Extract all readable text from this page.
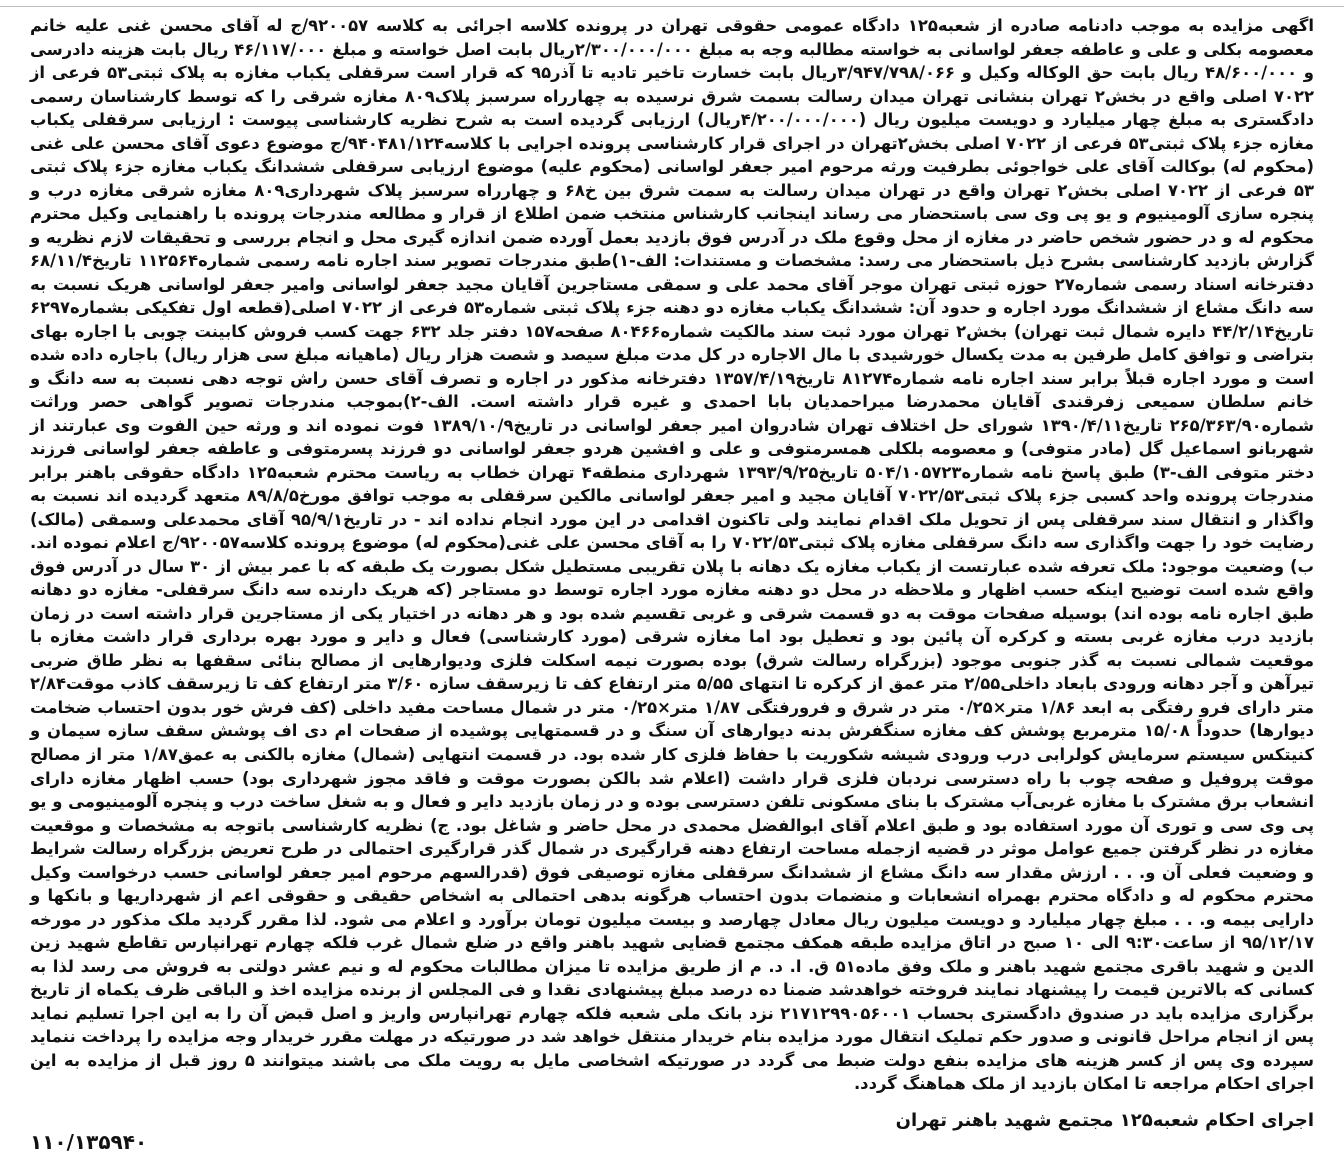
اگهی مزایده به موجب دادنامه صادره از شعبه۱۲۵ دادگاه عمومی حقوقی تهران در پرونده کلاسه اجرائی به کلاسه ۹۲۰۰۵۷/ج له آقای محسن غنی علیه خانم معصومه بکلی و علی و عاطفه جعفر لواسانی به خواسته مطالبه وجه به مبلغ ۲/۳۰۰/۰۰۰/۰۰۰ریال بابت اصل خواسته و مبلغ ۴۶/۱۱۷/۰۰۰ ریال بابت هزینه دادرسی و ۴۸/۶۰۰/۰۰۰ ریال بابت حق الوکاله وکیل و ۳/۹۴۷/۷۹۸/۰۶۶ریال بابت خسارت تاخیر تادیه تا آذر۹۵ که قرار است سرقفلی یکباب مغازه به پلاک ثبتی۵۳ فرعی از ۷۰۲۲ اصلی واقع در بخش۲ تهران بنشانی تهران میدان رسالت بسمت شرق نرسیده به چهارراه سرسبز پلاک۸۰۹ مغازه شرقی را که توسط کارشناسان رسمی دادگستری به مبلغ چهار میلیارد و دویست میلیون ریال (۴/۲۰۰/۰۰۰/۰۰۰ریال) ارزیابی گردیده است به شرح نظریه کارشناسی پیوست : ارزیابی سرقفلی یکباب مغازه جزء پلاک ثبتی۵۳ فرعی از ۷۰۲۲ اصلی بخش۲تهران در اجرای قرار کارشناسی پرونده اجرایی با کلاسه۹۴۰۴۸۱/۱۲۴/ج موضوع دعوی آقای محسن علی غنی (محکوم له) بوکالت آقای علی خواجوئی بطرفیت ورثه مرحوم امیر جعفر لواسانی (محکوم علیه) موضوع ارزیابی سرقفلی ششدانگ یکباب مغازه جزء پلاک ثبتی ۵۳ فرعی از ۷۰۲۲ اصلی بخش۲ تهران واقع در تهران میدان رسالت به سمت شرق بین خ۶۸ و چهارراه سرسبز پلاک شهرداری۸۰۹ مغازه شرقی مغازه درب و پنجره سازی آلومینیوم و یو پی وی سی باستحضار می رساند اینجانب کارشناس منتخب ضمن اطلاع از قرار و مطالعه مندرجات پرونده با راهنمایی وکیل محترم محکوم له و در حضور شخص حاضر در مغازه از محل وقوع ملک در آدرس فوق بازدید بعمل آورده ضمن اندازه گیری محل و انجام بررسی و تحقیقات لازم نظریه و گزارش بازدید کارشناسی بشرح ذیل باستحضار می رسد: مشخصات و مستندات: الف-۱)طبق مندرجات تصویر سند اجاره نامه رسمی شماره۱۱۲۵۶۴ تاریخ۶۸/۱۱/۴ دفترخانه اسناد رسمی شماره۲۷ حوزه ثبتی تهران موجر آقای محمد علی و سمقی مستاجرین آقایان مجید جعفر لواسانی وامیر جعفر لواسانی هریک نسبت به سه دانگ مشاع از ششدانگ مورد اجاره و حدود آن: ششدانگ یکباب مغازه دو دهنه جزء پلاک ثبتی شماره۵۳ فرعی از ۷۰۲۲ اصلی(قطعه اول تفکیکی بشماره۶۲۹۷ تاریخ۴۴/۲/۱۴ دایره شمال ثبت تهران) بخش۲ تهران مورد ثبت سند مالکیت شماره۸۰۴۶۶ صفحه۱۵۷ دفتر جلد ۶۳۲ جهت کسب فروش کابینت چوبی با اجاره بهای بتراضی و توافق کامل طرفین به مدت یکسال خورشیدی با مال الاجاره در کل مدت مبلغ سیصد و شصت هزار ریال (ماهیانه مبلغ سی هزار ریال) باجاره داده شده است و مورد اجاره قبلاً برابر سند اجاره نامه شماره۸۱۲۷۴ تاریخ۱۳۵۷/۴/۱۹ دفترخانه مذکور در اجاره و تصرف آقای حسن راش توجه دهی نسبت به سه دانگ و خانم سلطان سمیعی زفرقندی آقایان محمدرضا میراحمدیان بابا احمدی و غیره قرار داشته است. الف-۲)بموجب مندرجات تصویر گواهی حصر وراثت شماره۲۶۵/۳۶۳/۹۰ تاریخ۱۳۹۰/۴/۱۱ شورای حل اختلاف تهران شادروان امیر جعفر لواسانی در تاریخ۱۳۸۹/۱۰/۹ فوت نموده اند و ورثه حین الفوت وی عبارتند از شهربانو اسماعیل گل (مادر متوفی) و معصومه بلکلی همسرمتوفی و علی و افشین هردو جعفر لواسانی دو فرزند پسرمتوفی و عاطفه جعفر لواسانی فرزند دختر متوفی الف-۳) طبق پاسخ نامه شماره۵۰۴/۱۰۵۷۲۳ تاریخ۱۳۹۳/۹/۲۵ شهرداری منطقه۴ تهران خطاب به ریاست محترم شعبه۱۲۵ دادگاه حقوقی باهنر برابر مندرجات پرونده واحد کسبی جزء پلاک ثبتی۷۰۲۲/۵۳ آقایان مجید و امیر جعفر لواسانی مالکین سرقفلی به موجب توافق مورخ۸۹/۸/۵ متعهد گردیده اند نسبت به واگذار و انتقال سند سرقفلی پس از تحویل ملک اقدام نمایند ولی تاکنون اقدامی در این مورد انجام نداده اند - در تاریخ۹۵/۹/۱ آقای محمدعلی وسمقی (مالک) رضایت خود را جهت واگذاری سه دانگ سرقفلی مغازه پلاک ثبتی۷۰۲۲/۵۳ را به آقای محسن علی غنی(محکوم له) موضوع پرونده کلاسه۹۲۰۰۵۷/ج اعلام نموده اند. ب) وضعیت موجود: ملک تعرفه شده عبارتست از یکباب مغازه یک دهانه با پلان تقریبی مستطیل شکل بصورت یک طبقه که با عمر بیش از ۳۰ سال در آدرس فوق واقع شده است توضیح اینکه حسب اظهار و ملاحظه در محل دو دهنه مغازه مورد اجاره توسط دو مستاجر (که هریک دارنده سه دانگ سرقفلی- مغازه دو دهانه طبق اجاره نامه بوده اند) بوسیله صفحات موقت به دو قسمت شرقی و غربی تقسیم شده بود و هر دهانه در اختیار یکی از مستاجرین قرار داشته است در زمان بازدید درب مغازه غربی بسته و کرکره آن پائین بود و تعطیل بود اما مغازه شرقی (مورد کارشناسی) فعال و دایر و مورد بهره برداری قرار داشت مغازه با موقعیت شمالی نسبت به گذر جنوبی موجود (بزرگراه رسالت شرق) بوده بصورت نیمه اسکلت فلزی ودیوارهایی از مصالح بنائی سقفها به نظر طاق ضربی تیرآهن و آجر دهانه ورودی بابعاد داخلی۲/۵۵ متر عمق از کرکره تا انتهای ۵/۵۵ متر ارتفاع کف تا زیرسقف سازه ۳/۶۰ متر ارتفاع کف تا زیرسقف کاذب موقت۲/۸۴ متر دارای فرو رفتگی به ابعد ۱/۸۶ متر×۰/۲۵ متر در شرق و فرورفتگی ۱/۸۷ متر×۰/۲۵ متر در شمال مساحت مفید داخلی (کف فرش خور بدون احتساب ضخامت دیوارها) حدوداً ۱۵/۰۸ مترمربع پوشش کف مغازه سنگفرش بدنه دیوارهای آن سنگ و در قسمتهایی پوشیده از صفحات ام دی اف پوشش سقف سازه سیمان و کنیتکس سیستم سرمایش کولرابی درب ورودی شیشه شکوریت با حفاظ فلزی کار شده بود. در قسمت انتهایی (شمال) مغازه بالکنی به عمق۱/۸۷ متر از مصالح موقت پروفیل و صفحه چوب با راه دسترسی نردبان فلزی قرار داشت (اعلام شد بالکن بصورت موقت و فاقد مجوز شهرداری بود) حسب اظهار مغازه دارای انشعاب برق مشترک با مغازه غربی‌آب مشترک با بنای مسکونی تلفن دسترسی بوده و در زمان بازدید دایر و فعال و به شغل ساخت درب و پنجره آلومینیومی و یو پی وی سی و توری آن مورد استفاده بود و طبق اعلام آقای ابوالفضل محمدی در محل حاضر و شاغل بود. ج) نظریه کارشناسی باتوجه به مشخصات و موقعیت مغازه در نظر گرفتن جمیع عوامل موثر در قضیه ازجمله مساحت ارتفاع دهنه قرارگیری در شمال گذر قرارگیری احتمالی در طرح تعریض بزرگراه رسالت شرایط و وضعیت فعلی آن و. . . ارزش مقدار سه دانگ مشاع از ششدانگ سرقفلی مغازه توصیفی فوق (قدرالسهم مرحوم امیر جعفر لواسانی حسب درخواست وکیل محترم محکوم له و دادگاه محترم بهمراه انشعابات و منضمات بدون احتساب هرگونه بدهی احتمالی به اشخاص حقیقی و حقوقی اعم از شهرداریها و بانکها و دارایی بیمه و. . . مبلغ چهار میلیارد و دویست میلیون ریال معادل چهارصد و بیست میلیون تومان برآورد و اعلام می شود. لذا مقرر گردید ملک مذکور در مورخه ۹۵/۱۲/۱۷ از ساعت۹:۳۰ الی ۱۰ صبح در اتاق مزایده طبقه همکف مجتمع قضایی شهید باهنر واقع در ضلع شمال غرب فلکه چهارم تهرانپارس تقاطع شهید زین الدین و شهید باقری مجتمع شهید باهنر و ملک وفق ماده۵۱ ق. ا. د. م از طریق مزایده تا میزان مطالبات محکوم له و نیم عشر دولتی به فروش می رسد لذا به کسانی که بالاترین قیمت را پیشنهاد نمایند فروخته خواهدشد ضمنا ده درصد مبلغ پیشنهادی نقدا و فی المجلس از برنده مزایده اخذ و الباقی ظرف یکماه از تاریخ برگزاری مزایده باید در صندوق دادگستری بحساب ۲۱۷۱۲۹۹۰۵۶۰۰۱ نزد بانک ملی شعبه فلکه چهارم تهرانپارس واریز و اصل قبض آن را به این اجرا تسلیم نماید پس از انجام مراحل قانونی و صدور حکم تملیک انتقال مورد مزایده بنام خریدار منتقل خواهد شد در صورتیکه در مهلت مقرر خریدار وجه مزایده را پرداخت ننماید سپرده وی پس از کسر هزینه های مزایده بنفع دولت ضبط می گردد در صورتیکه اشخاصی مایل به رویت ملک می باشند میتوانند ۵ روز قبل از مزایده به این اجرای احکام مراجعه تا امکان بازدید از ملک هماهنگ گردد.

اجرای احکام شعبه۱۲۵ مجتمع شهید باهنر تهران
۱۱۰/۱۳۵۹۴۰
